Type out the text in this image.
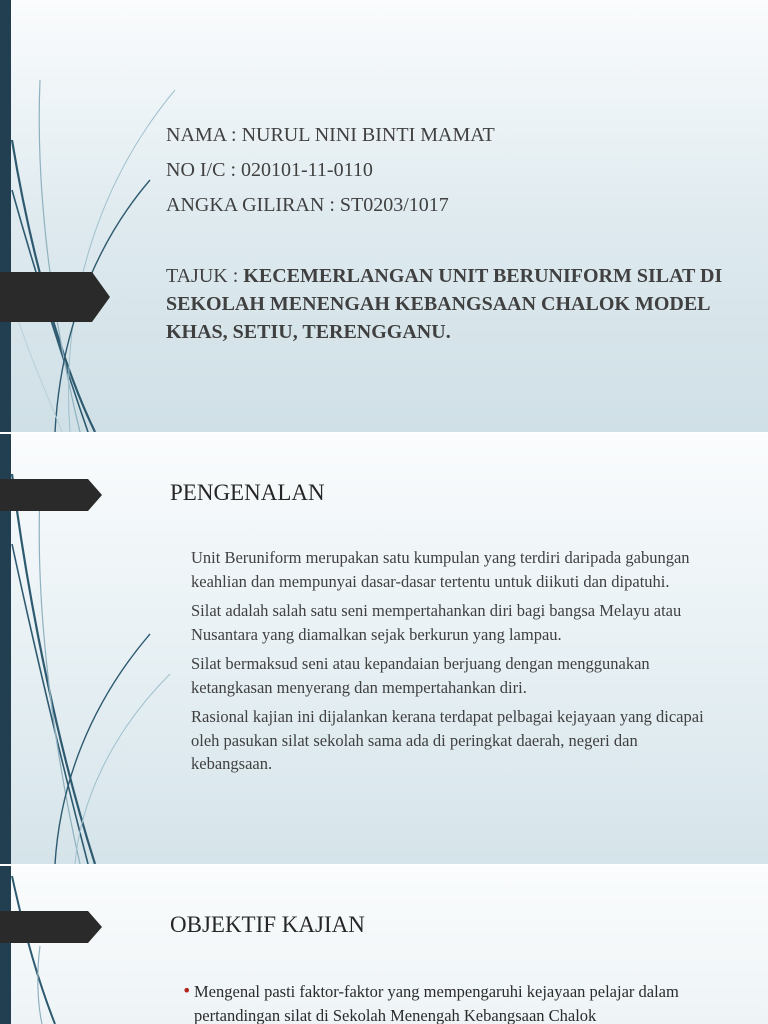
NAMA : NURUL NINI BINTI MAMAT

NO I/C : 020101-11-0110

ANGKA GILIRAN : ST0203/1017

TAJUK : KECEMERLANGAN UNIT BERUNIFORM SILAT DI SEKOLAH MENENGAH KEBANGSAAN CHALOK MODEL KHAS, SETIU, TERENGGANU.

PENGENALAN
Unit Beruniform merupakan satu kumpulan yang terdiri daripada gabungan keahlian dan mempunyai dasar-dasar tertentu untuk diikuti dan dipatuhi.
Silat adalah salah satu seni mempertahankan diri bagi bangsa Melayu atau Nusantara yang diamalkan sejak berkurun yang lampau.
Silat bermaksud seni atau kepandaian berjuang dengan menggunakan ketangkasan menyerang dan mempertahankan diri.
Rasional kajian ini dijalankan kerana terdapat pelbagai kejayaan yang dicapai oleh pasukan silat sekolah sama ada di peringkat daerah, negeri dan kebangsaan.
OBJEKTIF KAJIAN
• Mengenal pasti faktor-faktor yang mempengaruhi kejayaan pelajar dalam pertandingan silat di Sekolah Menengah Kebangsaan Chalok
